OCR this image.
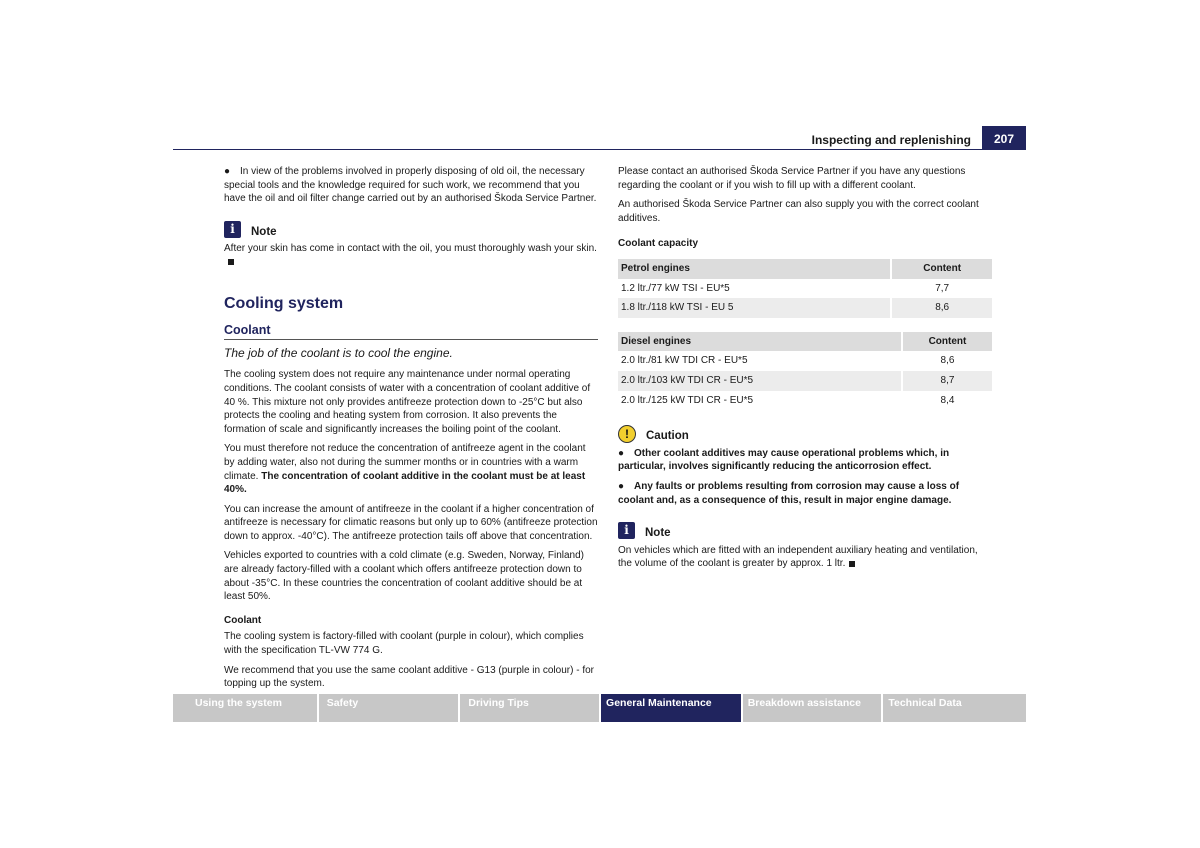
Inspecting and replenishing	207

● In view of the problems involved in properly disposing of old oil, the necessary special tools and the knowledge required for such work, we recommend that you have the oil and oil filter change carried out by an authorised Škoda Service Partner.

i	Note

After your skin has come in contact with the oil, you must thoroughly wash your skin.

Cooling system
Coolant
The job of the coolant is to cool the engine.

The cooling system does not require any maintenance under normal operating conditions. The coolant consists of water with a concentration of coolant additive of 40 %. This mixture not only provides antifreeze protection down to -25°C but also protects the cooling and heating system from corrosion. It also prevents the formation of scale and significantly increases the boiling point of the coolant.

You must therefore not reduce the concentration of antifreeze agent in the coolant by adding water, also not during the summer months or in countries with a warm climate. The concentration of coolant additive in the coolant must be at least 40%.

You can increase the amount of antifreeze in the coolant if a higher concentration of antifreeze is necessary for climatic reasons but only up to 60% (antifreeze protection down to approx. -40°C). The antifreeze protection tails off above that concentration.

Vehicles exported to countries with a cold climate (e.g. Sweden, Norway, Finland) are already factory-filled with a coolant which offers antifreeze protection down to about -35°C. In these countries the concentration of coolant additive should be at least 50%.

Coolant

The cooling system is factory-filled with coolant (purple in colour), which complies with the specification TL-VW 774 G.

We recommend that you use the same coolant additive - G13 (purple in colour) - for topping up the system.

Please contact an authorised Škoda Service Partner if you have any questions regarding the coolant or if you wish to fill up with a different coolant.

An authorised Škoda Service Partner can also supply you with the correct coolant additives.

Coolant capacity
Petrol engines	Content
1.2 ltr./77 kW TSI - EU*5	7,7
1.8 ltr./118 kW TSI - EU 5	8,6
Diesel engines	Content
2.0 ltr./81 kW TDI CR - EU*5	8,6
2.0 ltr./103 kW TDI CR - EU*5	8,7
2.0 ltr./125 kW TDI CR - EU*5	8,4
!	Caution

● Other coolant additives may cause operational problems which, in particular, involves significantly reducing the anticorrosion effect.

● Any faults or problems resulting from corrosion may cause a loss of coolant and, as a consequence of this, result in major engine damage.

i	Note

On vehicles which are fitted with an independent auxiliary heating and ventilation, the volume of the coolant is greater by approx. 1 ltr.

Using the system	Safety	Driving Tips	General Maintenance	Breakdown assistance	Technical Data
